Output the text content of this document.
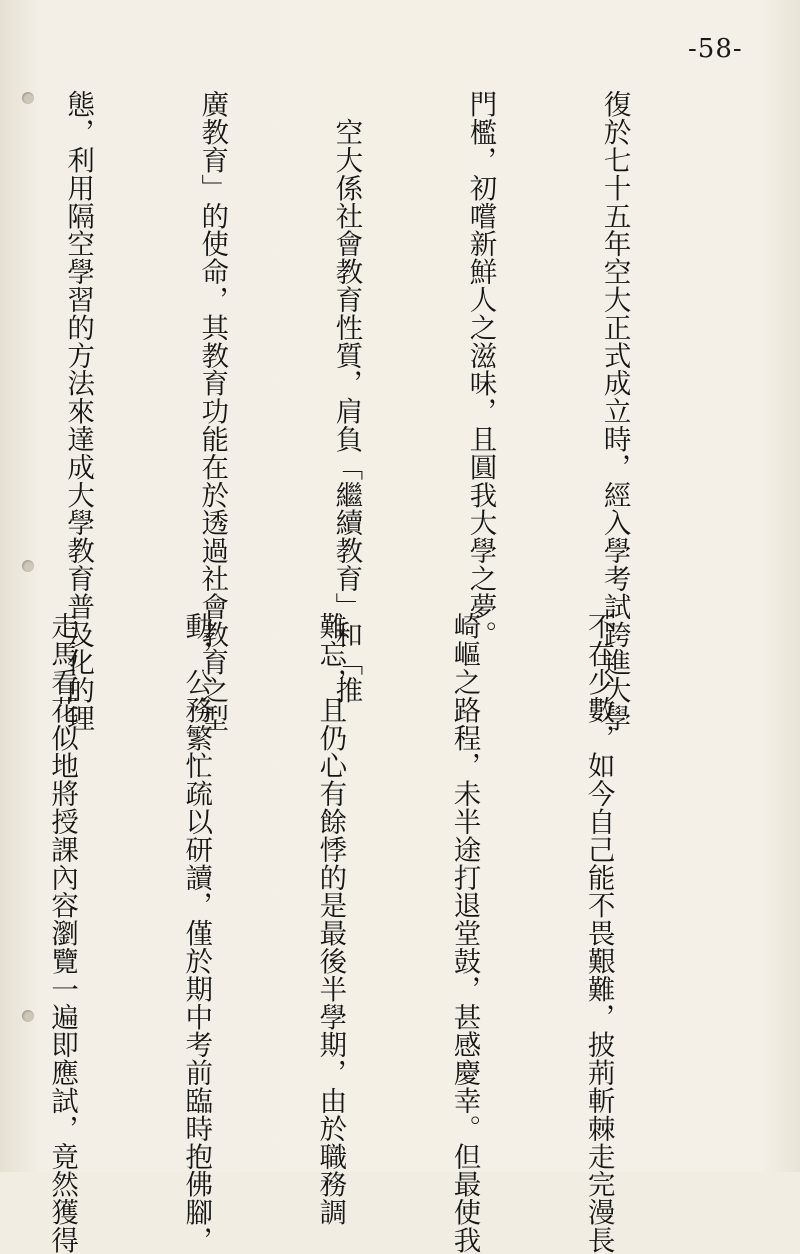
-58-

復於七十五年空大正式成立時，經入學考試跨進大學

門檻，初嚐新鮮人之滋味，且圓我大學之夢。

　空大係社會教育性質，肩負「繼續教育」和「推

廣教育」的使命，其教育功能在於透過社會教育之型

態，利用隔空學習的方法來達成大學教育普及化的理

不在少數，如今自己能不畏艱難，披荊斬棘走完漫長

崎嶇之路程，未半途打退堂鼓，甚感慶幸。但最使我

難忘，且仍心有餘悸的是最後半學期，由於職務調

動，公務繁忙疏以研讀，僅於期中考前臨時抱佛腳，

走馬看花似地將授課內容瀏覽一遍即應試，竟然獲得
